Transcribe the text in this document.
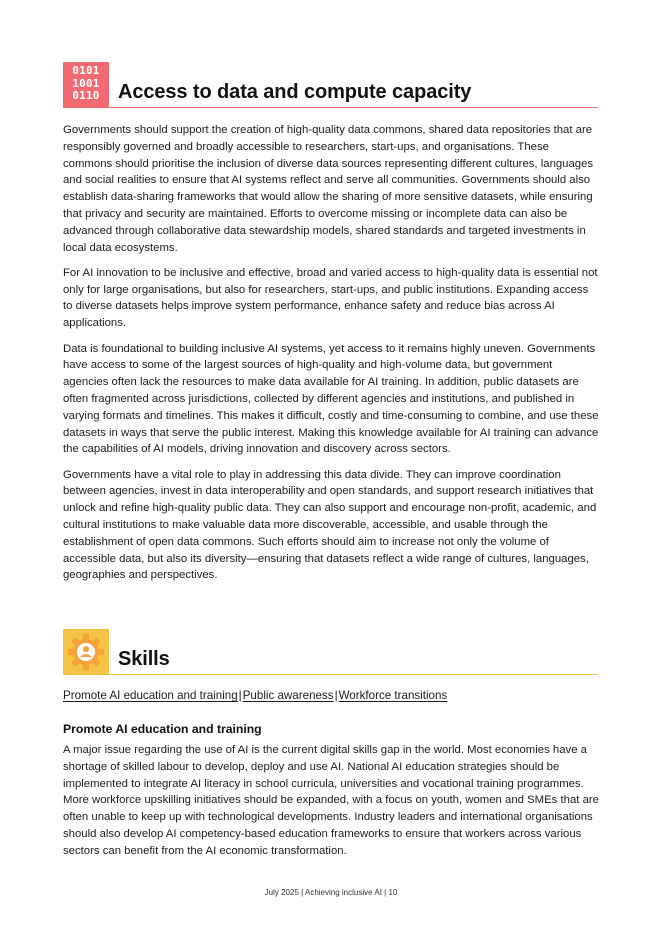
0101
1001
0110 Access to data and compute capacity

Governments should support the creation of high-quality data commons, shared data repositories that are responsibly governed and broadly accessible to researchers, start-ups, and organisations. These commons should prioritise the inclusion of diverse data sources representing different cultures, languages and social realities to ensure that AI systems reflect and serve all communities. Governments should also establish data-sharing frameworks that would allow the sharing of more sensitive datasets, while ensuring that privacy and security are maintained. Efforts to overcome missing or incomplete data can also be advanced through collaborative data stewardship models, shared standards and targeted investments in local data ecosystems.

For AI innovation to be inclusive and effective, broad and varied access to high-quality data is essential not only for large organisations, but also for researchers, start-ups, and public institutions. Expanding access to diverse datasets helps improve system performance, enhance safety and reduce bias across AI applications.

Data is foundational to building inclusive AI systems, yet access to it remains highly uneven. Governments have access to some of the largest sources of high-quality and high-volume data, but government agencies often lack the resources to make data available for AI training. In addition, public datasets are often fragmented across jurisdictions, collected by different agencies and institutions, and published in varying formats and timelines. This makes it difficult, costly and time-consuming to combine, and use these datasets in ways that serve the public interest. Making this knowledge available for AI training can advance the capabilities of AI models, driving innovation and discovery across sectors.

Governments have a vital role to play in addressing this data divide. They can improve coordination between agencies, invest in data interoperability and open standards, and support research initiatives that unlock and refine high-quality public data. They can also support and encourage non-profit, academic, and cultural institutions to make valuable data more discoverable, accessible, and usable through the establishment of open data commons. Such efforts should aim to increase not only the volume of accessible data, but also its diversity—ensuring that datasets reflect a wide range of cultures, languages, geographies and perspectives.

Skills
Promote AI education and training|Public awareness|Workforce transitions
Promote AI education and training

A major issue regarding the use of AI is the current digital skills gap in the world. Most economies have a shortage of skilled labour to develop, deploy and use AI. National AI education strategies should be implemented to integrate AI literacy in school curricula, universities and vocational training programmes. More workforce upskilling initiatives should be expanded, with a focus on youth, women and SMEs that are often unable to keep up with technological developments. Industry leaders and international organisations should also develop AI competency-based education frameworks to ensure that workers across various sectors can benefit from the AI economic transformation.

July 2025 | Achieving inclusive AI | 10
